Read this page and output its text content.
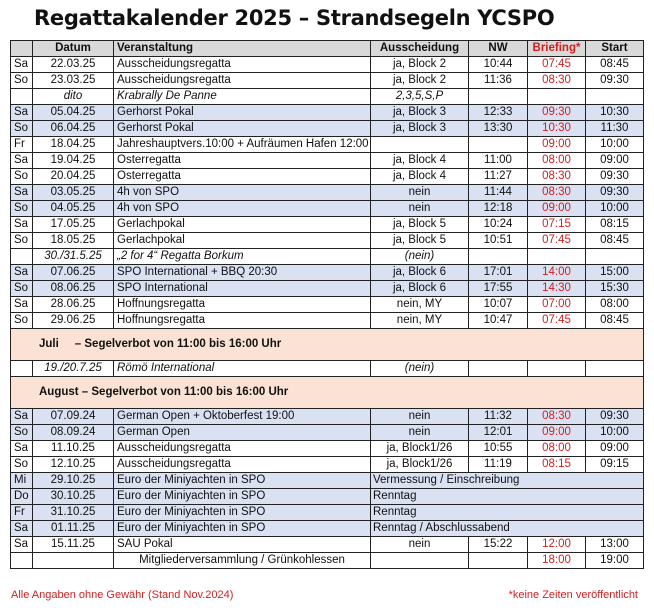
Regattakalender 2025 – Strandsegeln YCSPO
	Datum	Veranstaltung	Ausscheidung	NW	Briefing*	Start
Sa	22.03.25	Ausscheidungsregatta	ja, Block 2	10:44	07:45	08:45
So	23.03.25	Ausscheidungsregatta	ja, Block 2	11:36	08:30	09:30
	dito	Krabrally De Panne	2,3,5,S,P			
Sa	05.04.25	Gerhorst Pokal	ja, Block 3	12:33	09:30	10:30
So	06.04.25	Gerhorst Pokal	ja, Block 3	13:30	10:30	11:30
Fr	18.04.25	Jahreshauptvers.10:00 + Aufräumen Hafen 12:00			09:00	10:00
Sa	19.04.25	Osterregatta	ja, Block 4	11:00	08:00	09:00
So	20.04.25	Osterregatta	ja, Block 4	11:27	08:30	09:30
Sa	03.05.25	4h von SPO	nein	11:44	08:30	09:30
So	04.05.25	4h von SPO	nein	12:18	09:00	10:00
Sa	17.05.25	Gerlachpokal	ja, Block 5	10:24	07:15	08:15
So	18.05.25	Gerlachpokal	ja, Block 5	10:51	07:45	08:45
	30./31.5.25	„2 for 4“ Regatta Borkum	(nein)			
Sa	07.06.25	SPO International + BBQ 20:30	ja, Block 6	17:01	14:00	15:00
So	08.06.25	SPO International	ja, Block 6	17:55	14:30	15:30
Sa	28.06.25	Hoffnungsregatta	nein, MY	10:07	07:00	08:00
So	29.06.25	Hoffnungsregatta	nein, MY	10:47	07:45	08:45
Juli     – Segelverbot von 11:00 bis 16:00 Uhr						
	19./20.7.25	Römö International	(nein)			
August – Segelverbot von 11:00 bis 16:00 Uhr						
Sa	07.09.24	German Open + Oktoberfest 19:00	nein	11:32	08:30	09:30
So	08.09.24	German Open	nein	12:01	09:00	10:00
Sa	11.10.25	Ausscheidungsregatta	ja, Block1/26	10:55	08:00	09:00
So	12.10.25	Ausscheidungsregatta	ja, Block1/26	11:19	08:15	09:15
Mi	29.10.25	Euro der Miniyachten in SPO	Vermessung / Einschreibung			
Do	30.10.25	Euro der Miniyachten in SPO	Renntag			
Fr	31.10.25	Euro der Miniyachten in SPO	Renntag			
Sa	01.11.25	Euro der Miniyachten in SPO	Renntag / Abschlussabend			
Sa	15.11.25	SAU Pokal	nein	15:22	12:00	13:00
		Mitgliederversammlung / Grünkohlessen			18:00	19:00
Alle Angaben ohne Gewähr (Stand Nov.2024)	*keine Zeiten veröffentlicht
